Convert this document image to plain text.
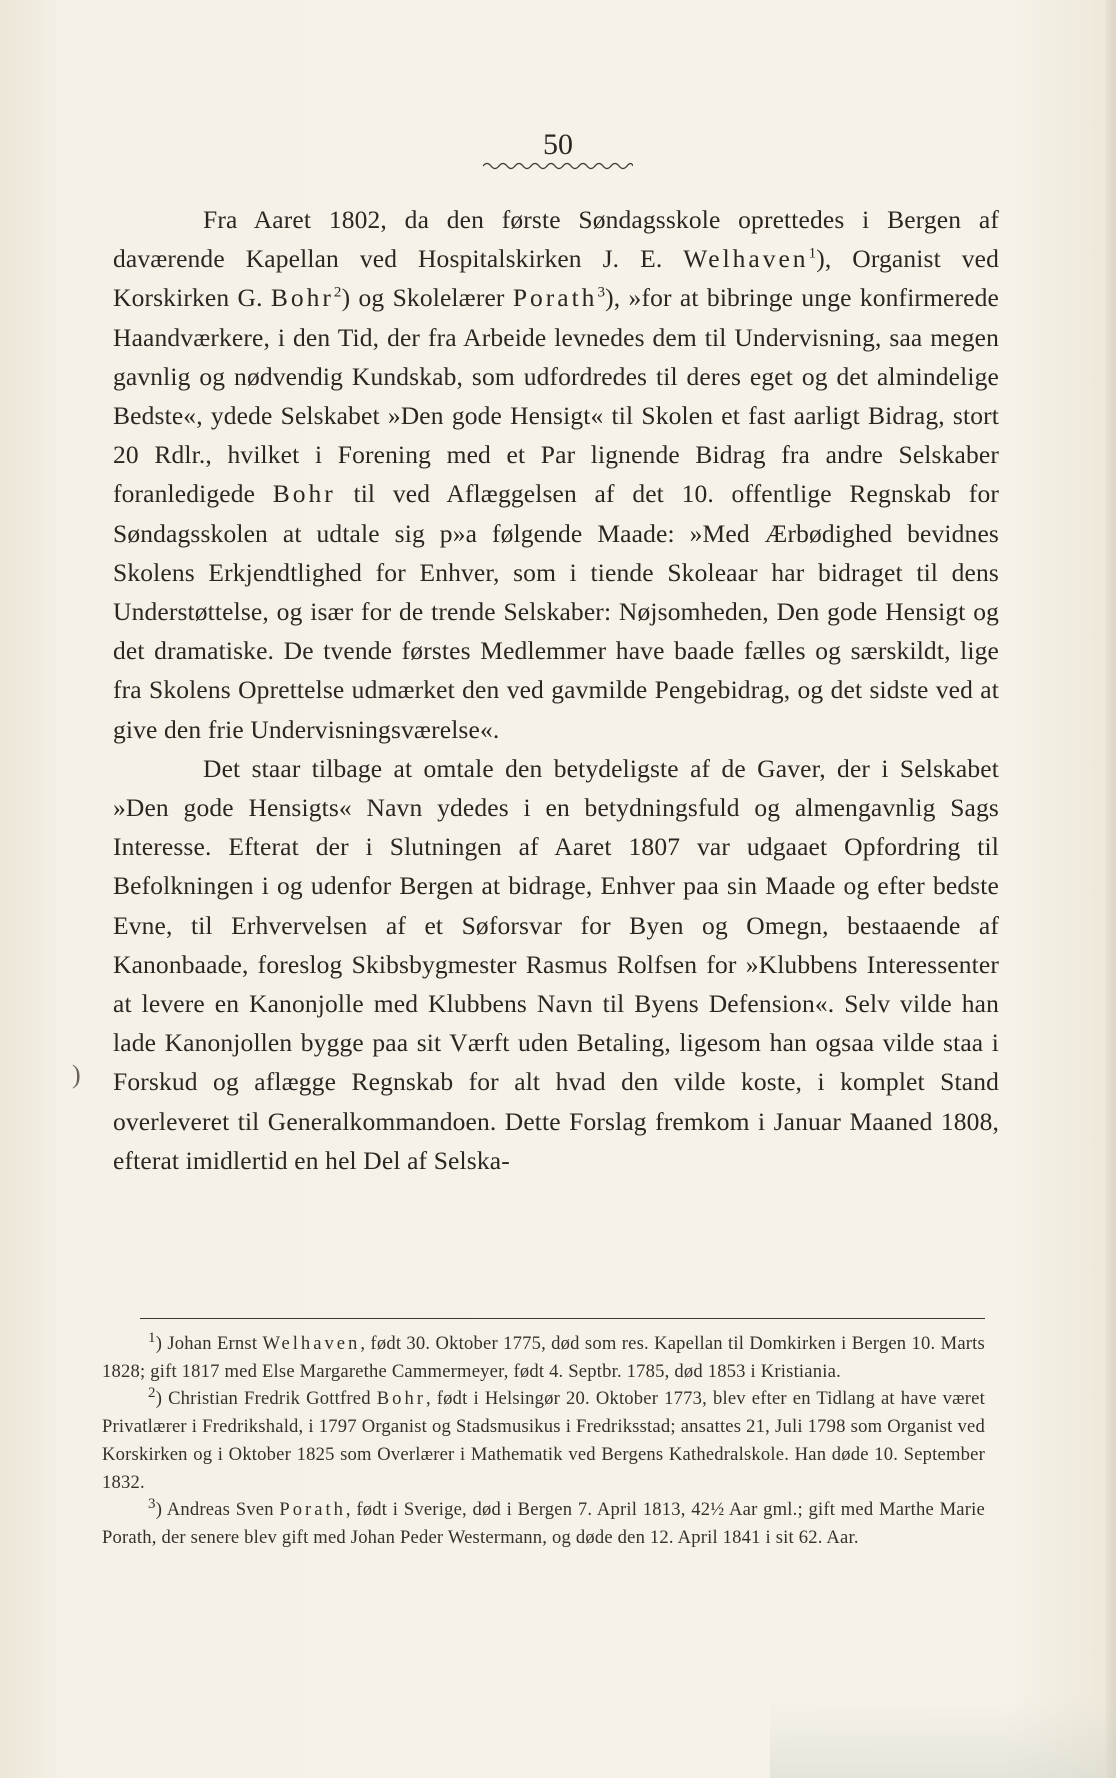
50

Fra Aaret 1802, da den første Søndagsskole oprettedes i Bergen af daværende Kapellan ved Hospitalskirken J. E. Welhaven$^1$), Organist ved Korskirken G. Bohr$^2$) og Skolelærer Porath$^3$), »for at bibringe unge konfirmerede Haandværkere, i den Tid, der fra Arbeide levnedes dem til Undervisning, saa megen gavnlig og nødvendig Kundskab, som udfordredes til deres eget og det almindelige Bedste«, ydede Selskabet »Den gode Hensigt« til Skolen et fast aarligt Bidrag, stort 20 Rdlr., hvilket i Forening med et Par lignende Bidrag fra andre Selskaber foranledigede Bohr til ved Aflæggelsen af det 10. offentlige Regnskab for Søndagsskolen at udtale sig p»a følgende Maade: »Med Ærbødighed bevidnes Skolens Erkjendtlighed for Enhver, som i tiende Skoleaar har bidraget til dens Understøttelse, og især for de trende Selskaber: Nøjsomheden, Den gode Hensigt og det dramatiske. De tvende førstes Medlemmer have baade fælles og særskildt, lige fra Skolens Oprettelse udmærket den ved gavmilde Pengebidrag, og det sidste ved at give den frie Undervisningsværelse«.

Det staar tilbage at omtale den betydeligste af de Gaver, der i Selskabet »Den gode Hensigts« Navn ydedes i en betydningsfuld og almengavnlig Sags Interesse. Efterat der i Slutningen af Aaret 1807 var udgaaet Opfordring til Befolkningen i og udenfor Bergen at bidrage, Enhver paa sin Maade og efter bedste Evne, til Erhvervelsen af et Søforsvar for Byen og Omegn, bestaaende af Kanonbaade, foreslog Skibsbygmester Rasmus Rolfsen for »Klubbens Interessenter at levere en Kanonjolle med Klubbens Navn til Byens Defension«. Selv vilde han lade Kanonjollen bygge paa sit Værft uden Betaling, ligesom han ogsaa vilde staa i Forskud og aflægge Regnskab for alt hvad den vilde koste, i komplet Stand overleveret til Generalkommandoen. Dette Forslag fremkom i Januar Maaned 1808, efterat imidlertid en hel Del af Selska-

)

$^1$) Johan Ernst Welhaven, født 30. Oktober 1775, død som res. Kapellan til Domkirken i Bergen 10. Marts 1828; gift 1817 med Else Margarethe Cammermeyer, født 4. Septbr. 1785, død 1853 i Kristiania.

$^2$) Christian Fredrik Gottfred Bohr, født i Helsingør 20. Oktober 1773, blev efter en Tidlang at have været Privatlærer i Fredrikshald, i 1797 Organist og Stadsmusikus i Fredriksstad; ansattes 21, Juli 1798 som Organist ved Korskirken og i Oktober 1825 som Overlærer i Mathematik ved Bergens Kathedralskole. Han døde 10. September 1832.

$^3$) Andreas Sven Porath, født i Sverige, død i Bergen 7. April 1813, 42½ Aar gml.; gift med Marthe Marie Porath, der senere blev gift med Johan Peder Westermann, og døde den 12. April 1841 i sit 62. Aar.
